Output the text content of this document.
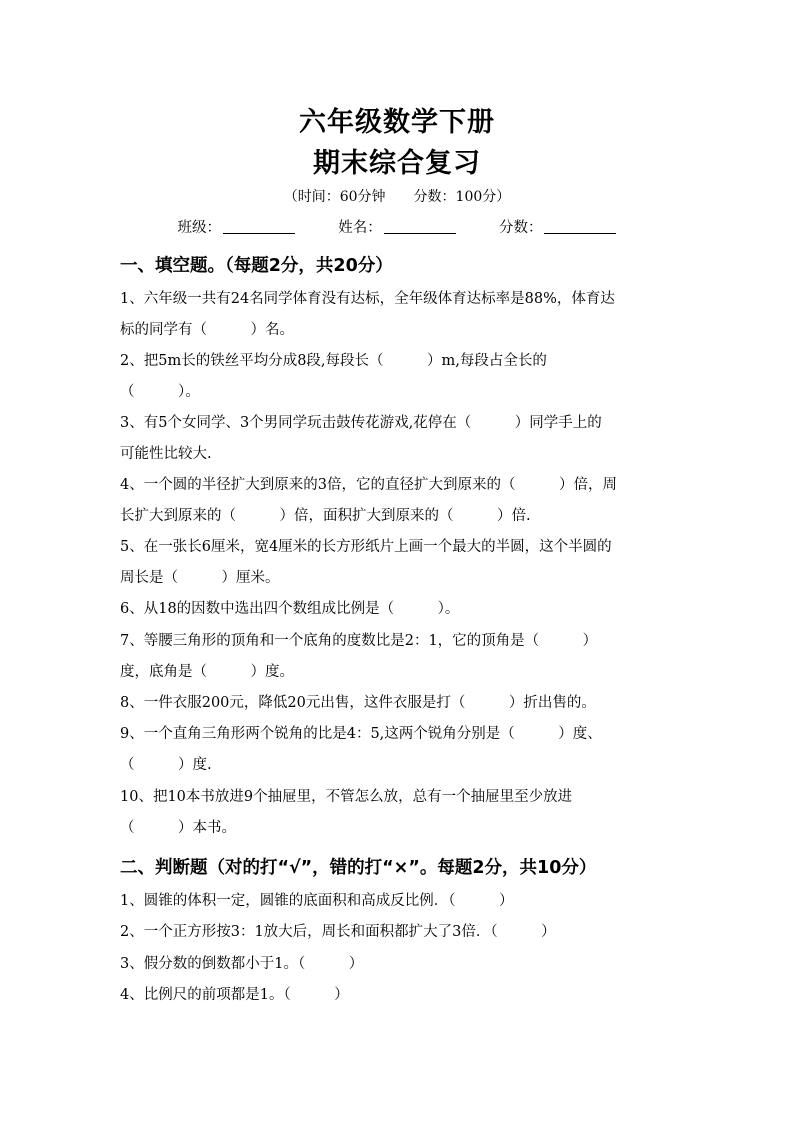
六年级数学下册
期末综合复习
（时间：60分钟　　分数：100分）
班级：	姓名：	分数：
一、填空题。（每题2分，共20分）
1、六年级一共有24名同学体育没有达标，全年级体育达标率是88%，体育达
标的同学有（　　　）名。
2、把5m长的铁丝平均分成8段,每段长（　　　）m,每段占全长的
（　　　）。
3、有5个女同学、3个男同学玩击鼓传花游戏,花停在（　　　）同学手上的
可能性比较大.
4、一个圆的半径扩大到原来的3倍，它的直径扩大到原来的（　　　）倍，周
长扩大到原来的（　　　）倍，面积扩大到原来的（　　　）倍.
5、在一张长6厘米，宽4厘米的长方形纸片上画一个最大的半圆，这个半圆的
周长是（　　　）厘米。
6、从18的因数中选出四个数组成比例是（　　　）。
7、等腰三角形的顶角和一个底角的度数比是2：1，它的顶角是（　　　）
度，底角是（　　　）度。
8、一件衣服200元，降低20元出售，这件衣服是打（　　　）折出售的。
9、一个直角三角形两个锐角的比是4：5,这两个锐角分别是（　　　）度、
（　　　）度.
10、把10本书放进9个抽屉里，不管怎么放，总有一个抽屉里至少放进
（　　　）本书。
二、判断题（对的打“√”，错的打“×”。每题2分，共10分）
1、圆锥的体积一定，圆锥的底面积和高成反比例．（　　　）
2、一个正方形按3：1放大后，周长和面积都扩大了3倍．（　　　）
3、假分数的倒数都小于1。（　　　）
4、比例尺的前项都是1。（　　　）
